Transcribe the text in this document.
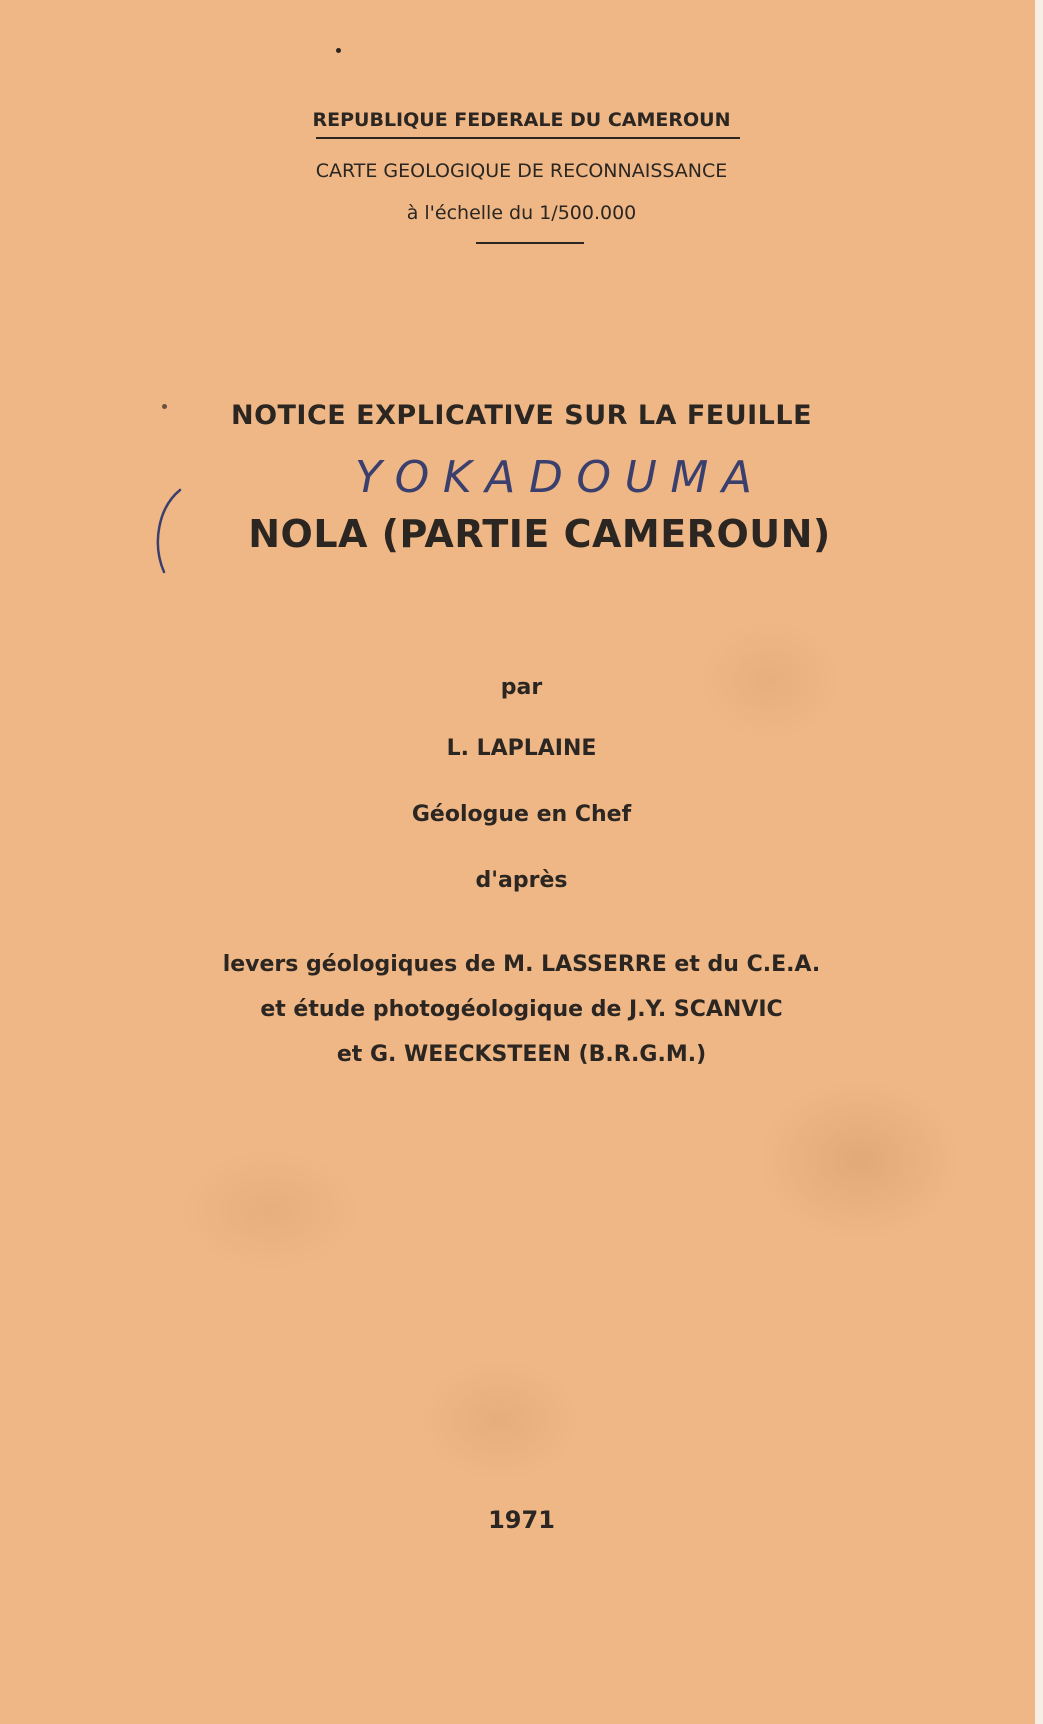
REPUBLIQUE FEDERALE DU CAMEROUN
CARTE GEOLOGIQUE DE RECONNAISSANCE
à l'échelle du 1/500.000
NOTICE EXPLICATIVE SUR LA FEUILLE
YOKADOUMA
NOLA (PARTIE CAMEROUN)
par
L. LAPLAINE
Géologue en Chef
d'après
levers géologiques de M. LASSERRE et du C.E.A.
et étude photogéologique de J.Y. SCANVIC
et G. WEECKSTEEN (B.R.G.M.)
1971
